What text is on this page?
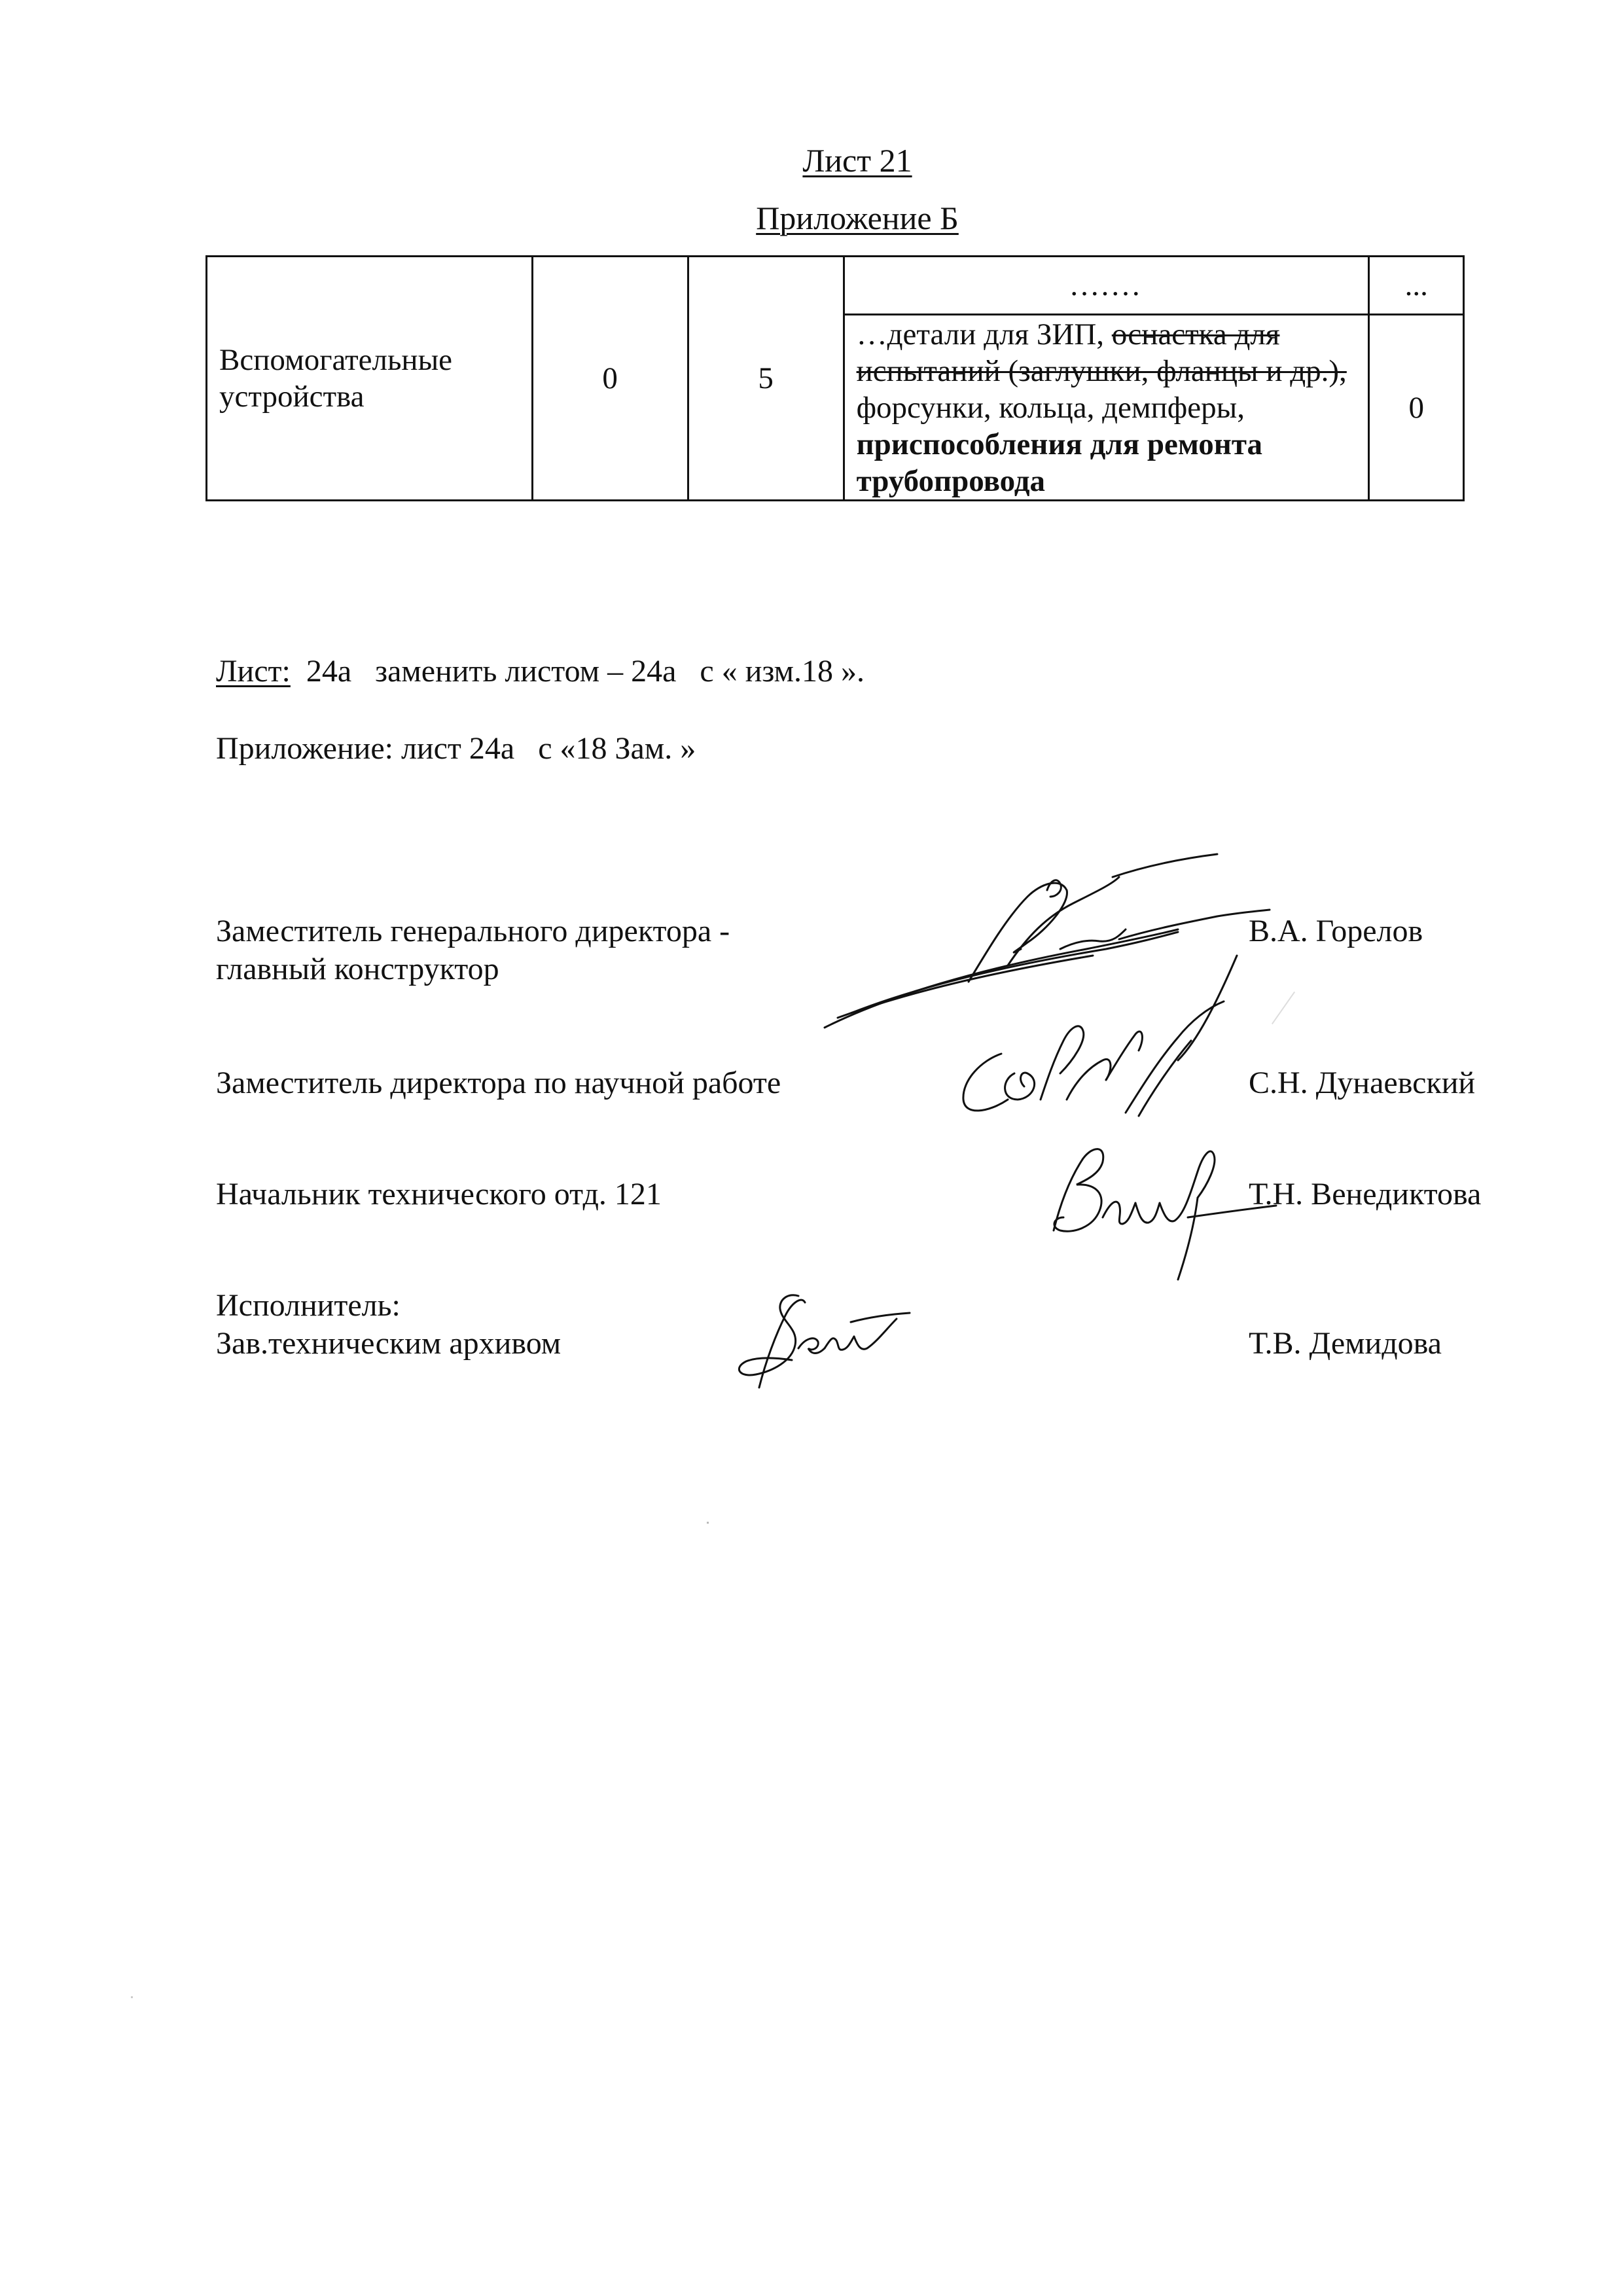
Лист 21
Приложение Б
Вспомогательные устройства	0	5	.......	...
			…детали для ЗИП, оснастка для испытаний (заглушки, фланцы и др.), форсунки, кольца, демпферы, приспособления для ремонта трубопровода	0
Лист:  24а   заменить листом – 24а   с « изм.18 ».
Приложение: лист 24а   с «18 Зам. »
Заместитель генерального директора -
главный конструктор
В.А. Горелов
Заместитель директора по научной работе	С.Н. Дунаевский
Начальник технического отд. 121	Т.Н. Венедиктова
Исполнитель:
Зав.техническим архивом	Т.В. Демидова
